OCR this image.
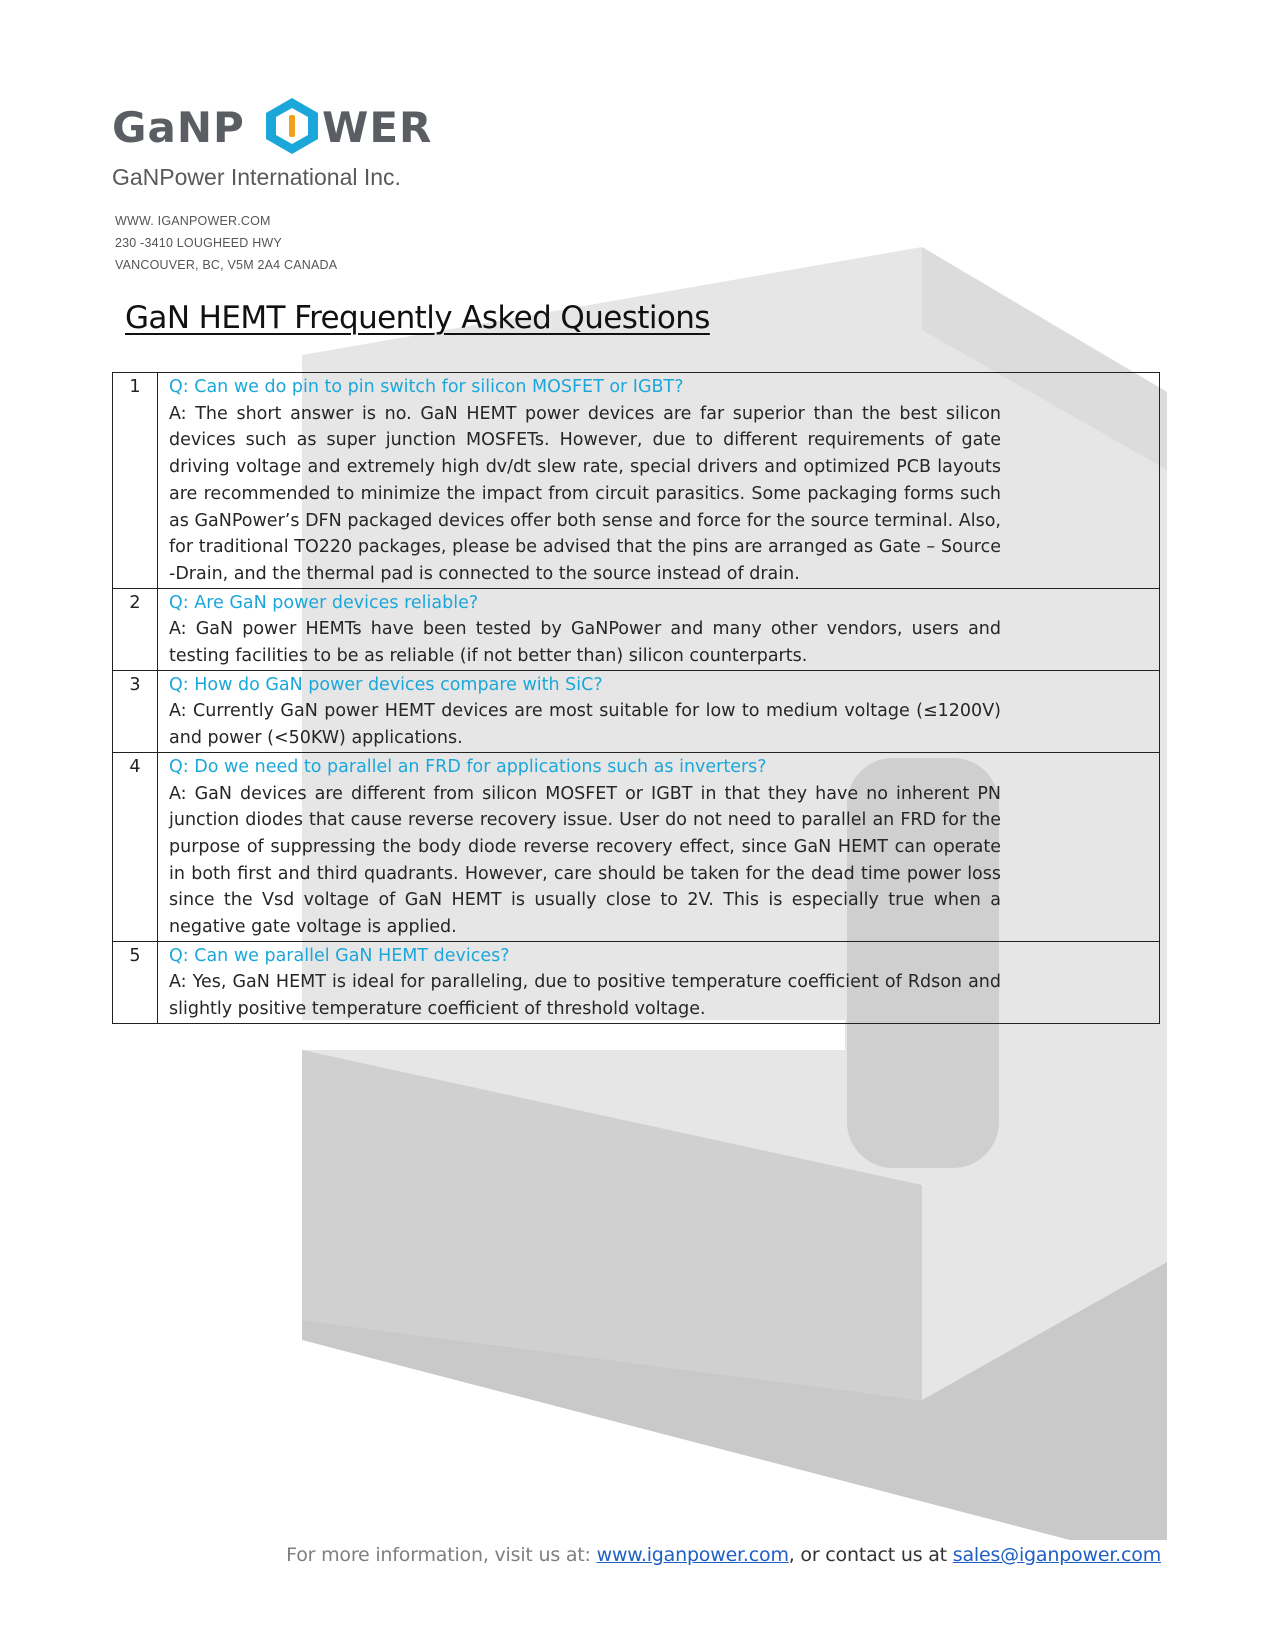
GaNP WER
GaNPower International Inc.
WWW. IGANPOWER.COM
230 -3410 LOUGHEED HWY
VANCOUVER, BC, V5M 2A4 CANADA
GaN HEMT Frequently Asked Questions
1	Q: Can we do pin to pin switch for silicon MOSFET or IGBT?
A: The short answer is no. GaN HEMT power devices are far superior than the best silicon devices such as super junction MOSFETs. However, due to different requirements of gate driving voltage and extremely high dv/dt slew rate, special drivers and optimized PCB layouts are recommended to minimize the impact from circuit parasitics. Some packaging forms such as GaNPower’s DFN packaged devices offer both sense and force for the source terminal. Also, for traditional TO220 packages, please be advised that the pins are arranged as Gate – Source -Drain, and the thermal pad is connected to the source instead of drain.

2	Q: Are GaN power devices reliable?
A: GaN power HEMTs have been tested by GaNPower and many other vendors, users and testing facilities to be as reliable (if not better than) silicon counterparts.

3	Q: How do GaN power devices compare with SiC?
A: Currently GaN power HEMT devices are most suitable for low to medium voltage (≤1200V) and power (<50KW) applications.

4	Q: Do we need to parallel an FRD for applications such as inverters?
A: GaN devices are different from silicon MOSFET or IGBT in that they have no inherent PN junction diodes that cause reverse recovery issue. User do not need to parallel an FRD for the purpose of suppressing the body diode reverse recovery effect, since GaN HEMT can operate in both first and third quadrants. However, care should be taken for the dead time power loss since the Vsd voltage of GaN HEMT is usually close to 2V. This is especially true when a negative gate voltage is applied.

5	Q: Can we parallel GaN HEMT devices?
A: Yes, GaN HEMT is ideal for paralleling, due to positive temperature coefficient of Rdson and slightly positive temperature coefficient of threshold voltage.
For more information, visit us at: www.iganpower.com, or contact us at sales@iganpower.com
